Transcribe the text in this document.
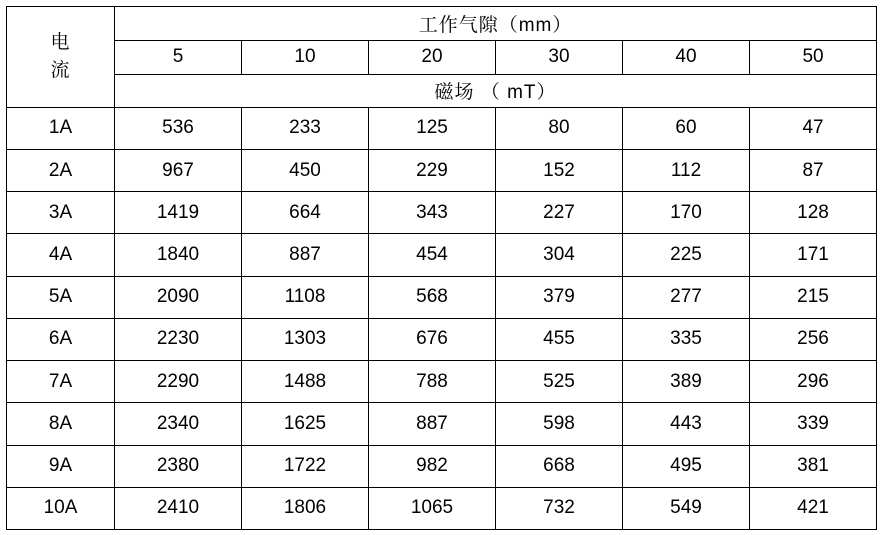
电
流	工作气隙（mm）					
	5	10	20	30	40	50
	磁场 （ mT）					
1A	536	233	125	80	60	47
2A	967	450	229	152	112	87
3A	1419	664	343	227	170	128
4A	1840	887	454	304	225	171
5A	2090	1108	568	379	277	215
6A	2230	1303	676	455	335	256
7A	2290	1488	788	525	389	296
8A	2340	1625	887	598	443	339
9A	2380	1722	982	668	495	381
10A	2410	1806	1065	732	549	421
